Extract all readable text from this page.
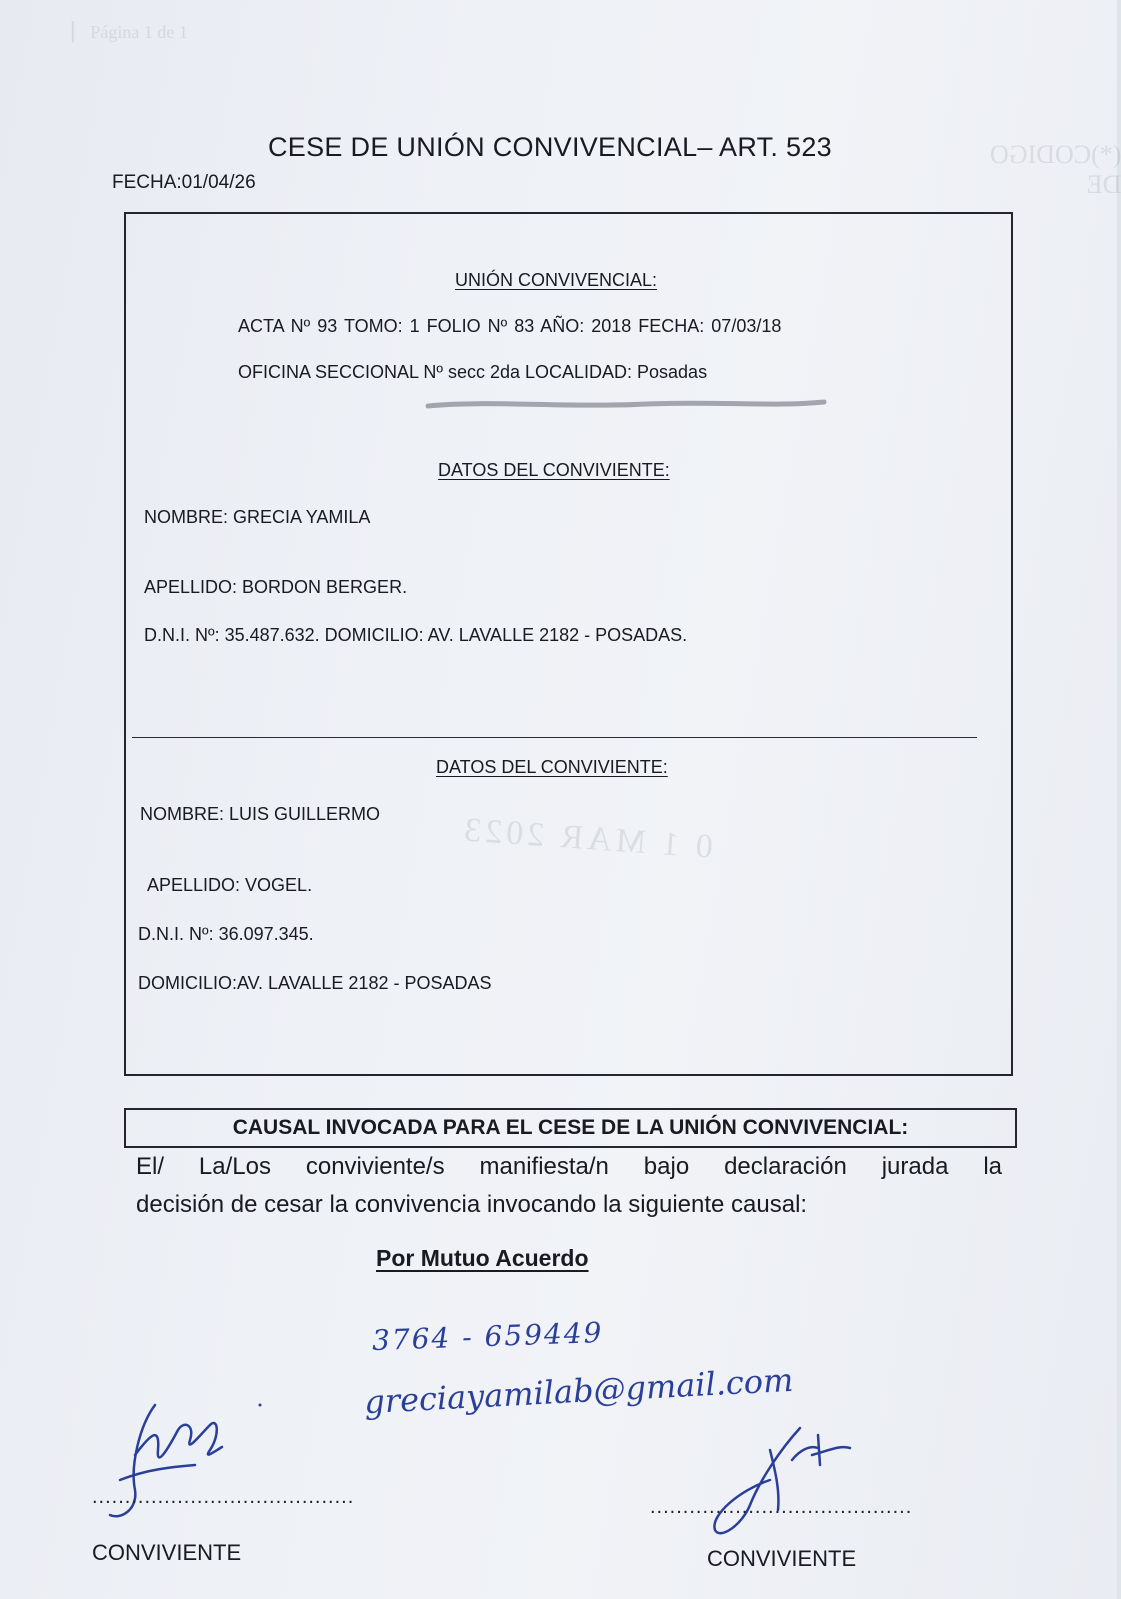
▏ Página 1 de 1
(*)CODIGO DE
0 1 MAR 2023
CESE DE UNIÓN CONVIVENCIAL– ART. 523
FECHA:01/04/26
UNIÓN CONVIVENCIAL:
ACTA Nº 93 TOMO: 1 FOLIO Nº 83 AÑO: 2018 FECHA: 07/03/18
OFICINA SECCIONAL Nº secc 2da LOCALIDAD: Posadas
DATOS DEL CONVIVIENTE:
NOMBRE: GRECIA YAMILA
APELLIDO: BORDON BERGER.
D.N.I. Nº: 35.487.632. DOMICILIO: AV. LAVALLE 2182 - POSADAS.
DATOS DEL CONVIVIENTE:
NOMBRE: LUIS GUILLERMO
APELLIDO: VOGEL.
D.N.I. Nº: 36.097.345.
DOMICILIO:AV. LAVALLE 2182 - POSADAS
CAUSAL INVOCADA PARA EL CESE DE LA UNIÓN CONVIVENCIAL:
El/ La/Los conviviente/s manifiesta/n bajo declaración jurada la
decisión de cesar la convivencia invocando la siguiente causal:
Por Mutuo Acuerdo
3764 - 659449
greciayamilab@gmail.com
........................................	........................................
CONVIVIENTE	CONVIVIENTE
